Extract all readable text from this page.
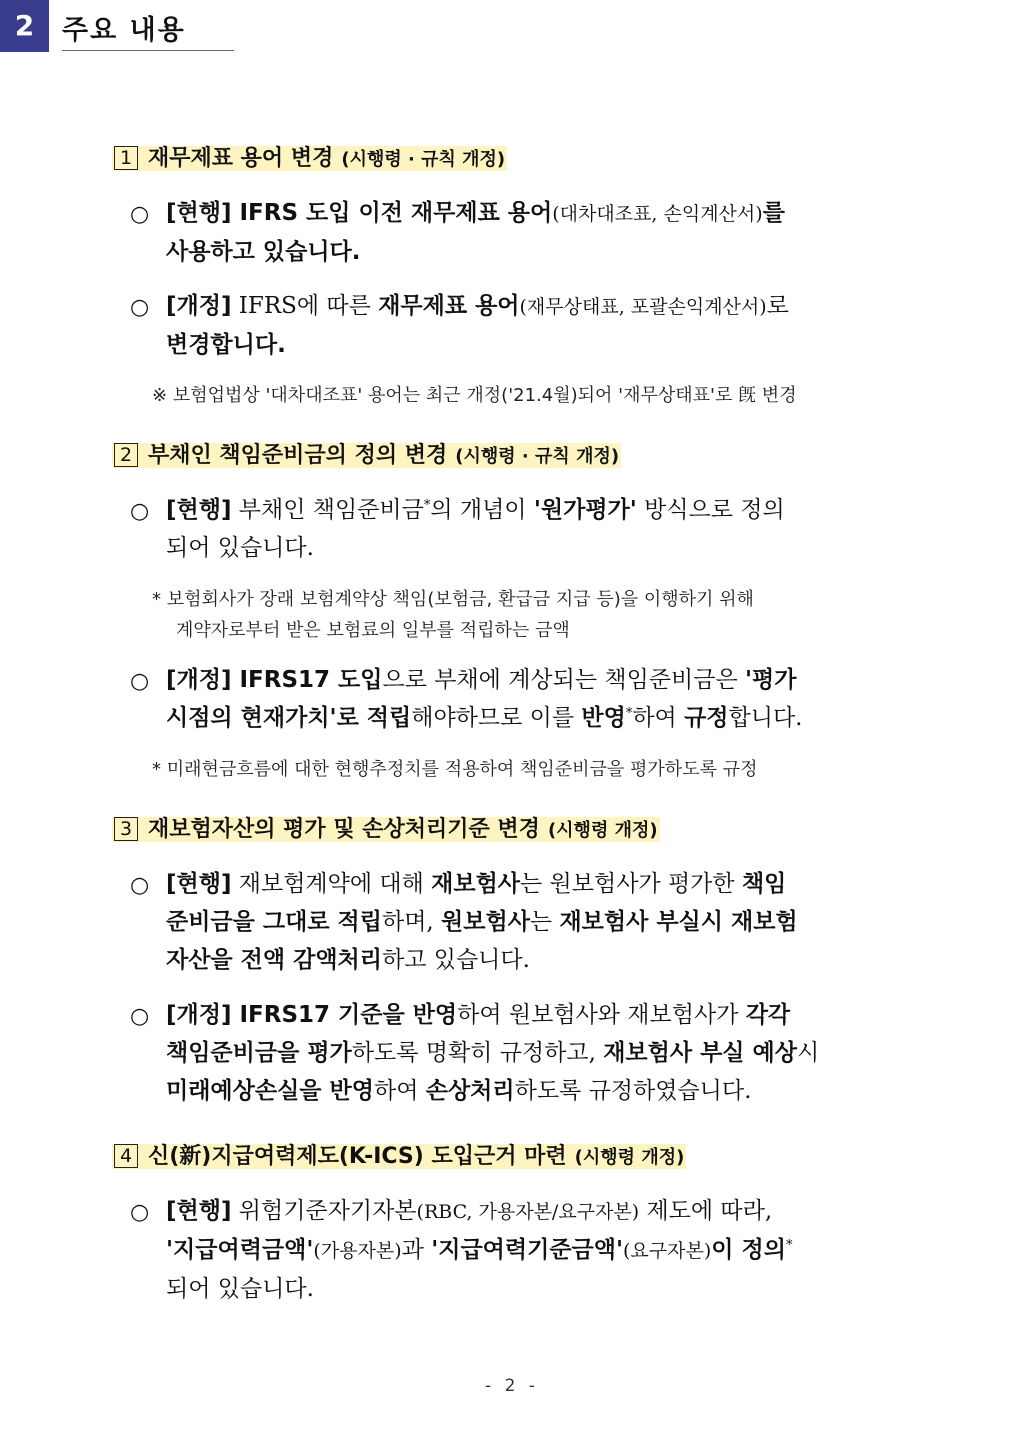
2	주요 내용
1 재무제표 용어 변경 (시행령 · 규칙 개정)
○ [현행] IFRS 도입 이전 재무제표 용어(대차대조표, 손익계산서)를
사용하고 있습니다.
○ [개정] IFRS에 따른 재무제표 용어(재무상태표, 포괄손익계산서)로
변경합니다.
※ 보험업법상 '대차대조표' 용어는 최근 개정('21.4월)되어 '재무상태표'로 旣 변경
2 부채인 책임준비금의 정의 변경 (시행령 · 규칙 개정)
○ [현행] 부채인 책임준비금*의 개념이 '원가평가' 방식으로 정의
되어 있습니다.
* 보험회사가 장래 보험계약상 책임(보험금, 환급금 지급 등)을 이행하기 위해
계약자로부터 받은 보험료의 일부를 적립하는 금액
○ [개정] IFRS17 도입으로 부채에 계상되는 책임준비금은 '평가
시점의 현재가치'로 적립해야하므로 이를 반영*하여 규정합니다.
* 미래현금흐름에 대한 현행추정치를 적용하여 책임준비금을 평가하도록 규정
3 재보험자산의 평가 및 손상처리기준 변경 (시행령 개정)
○ [현행] 재보험계약에 대해 재보험사는 원보험사가 평가한 책임
준비금을 그대로 적립하며, 원보험사는 재보험사 부실시 재보험
자산을 전액 감액처리하고 있습니다.
○ [개정] IFRS17 기준을 반영하여 원보험사와 재보험사가 각각
책임준비금을 평가하도록 명확히 규정하고, 재보험사 부실 예상시
미래예상손실을 반영하여 손상처리하도록 규정하였습니다.
4 신(新)지급여력제도(K-ICS) 도입근거 마련 (시행령 개정)
○ [현행] 위험기준자기자본(RBC, 가용자본/요구자본) 제도에 따라,
'지급여력금액'(가용자본)과 '지급여력기준금액'(요구자본)이 정의*
되어 있습니다.
- 2 -
